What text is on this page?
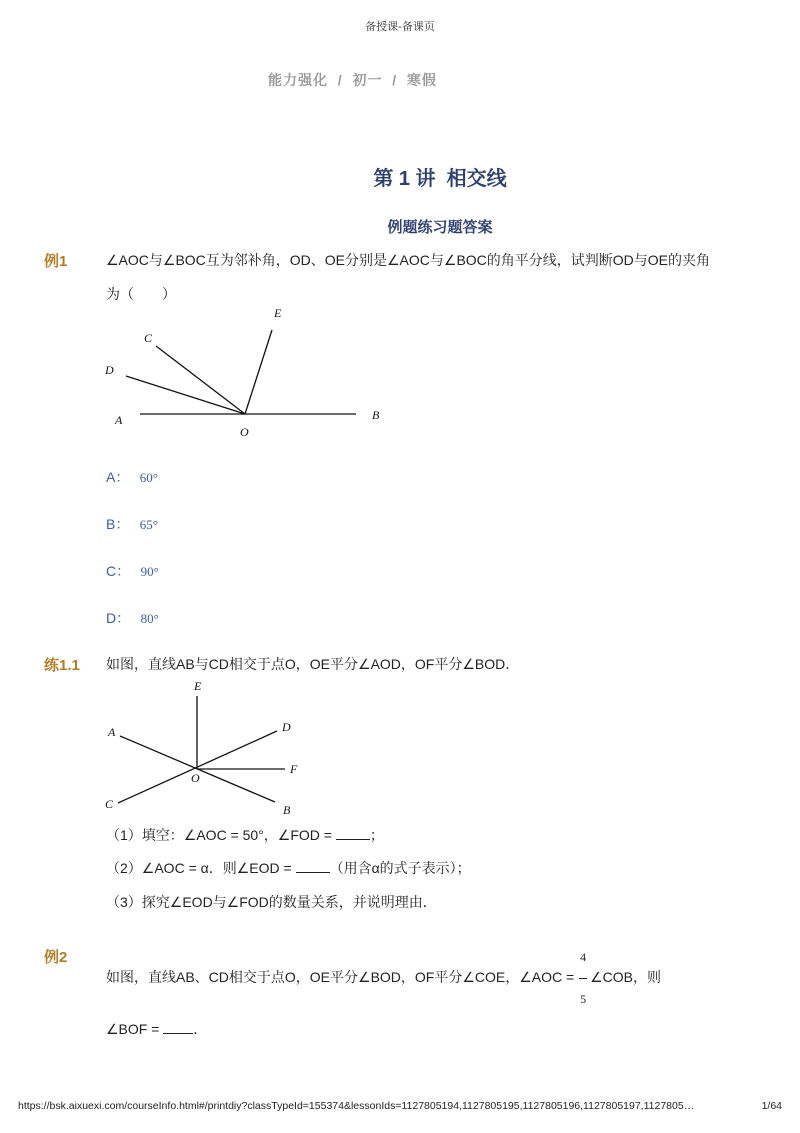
备授课-备课页
能力强化  /  初一  /  寒假
第 1 讲  相交线
例题练习题答案
例1	∠AOC与∠BOC互为邻补角，OD、OE分别是∠AOC与∠BOC的角平分线，试判断OD与OE的夹角
为（　　）
C
E
D
A
O
B
A： 60°
B： 65°
C： 90°
D： 80°
练1.1 如图，直线AB与CD相交于点O，OE平分∠AOD，OF平分∠BOD．
E
A	D
O
F
C	B
（1）填空：∠AOC = 50°，∠FOD = ；
（2）∠AOC = α．则∠EOD = （用含α的式子表示）；
（3）探究∠EOD与∠FOD的数量关系，并说明理由．
例2
如图，直线AB、CD相交于点O，OE平分∠BOD，OF平分∠COE，∠AOC = $\frac{4}{5}$ ∠COB，则
∠BOF = ．
https://bsk.aixuexi.com/courseInfo.html#/printdiy?classTypeId=155374&lessonIds=1127805194,1127805195,1127805196,1127805197,1127805…	1/64
